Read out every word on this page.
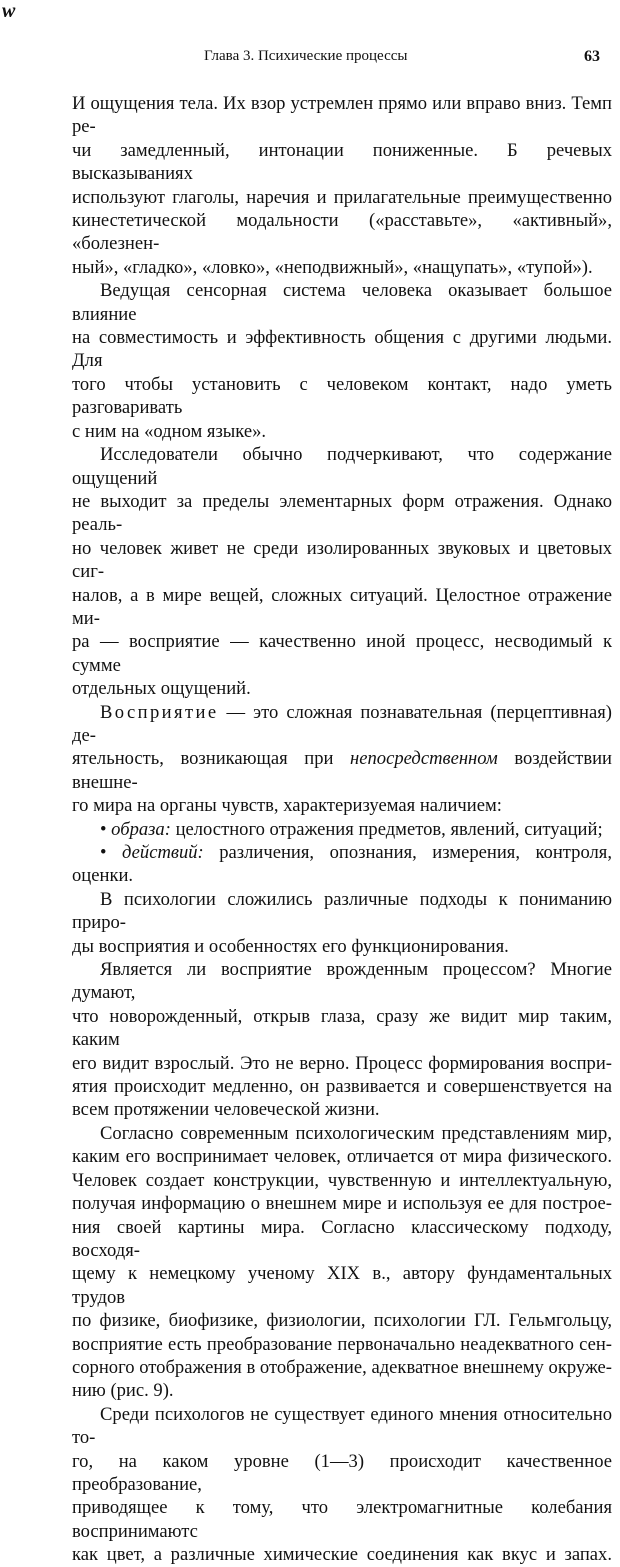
w
Глава 3. Психические процессы	63

И ощущения тела. Их взор устремлен прямо или вправо вниз. Темп ре-

чи замедленный, интонации пониженные. Б речевых высказываниях

используют глаголы, наречия и прилагательные преимущественно

кинестетической модальности («расставьте», «активный», «болезнен-

ный», «гладко», «ловко», «неподвижный», «нащупать», «тупой»).

Ведущая сенсорная система человека оказывает большое влияние

на совместимость и эффективность общения с другими людьми. Для

того чтобы установить с человеком контакт, надо уметь разговаривать

с ним на «одном языке».

Исследователи обычно подчеркивают, что содержание ощущений

не выходит за пределы элементарных форм отражения. Однако реаль-

но человек живет не среди изолированных звуковых и цветовых сиг-

налов, а в мире вещей, сложных ситуаций. Целостное отражение ми-

ра — восприятие — качественно иной процесс, несводимый к сумме

отдельных ощущений.

Восприятие — это сложная познавательная (перцептивная) де-

ятельность, возникающая при непосредственном воздействии внешне-

го мира на органы чувств, характеризуемая наличием:

• образа: целостного отражения предметов, явлений, ситуаций;

• действий: различения, опознания, измерения, контроля, оценки.

В психологии сложились различные подходы к пониманию приро-

ды восприятия и особенностях его функционирования.

Является ли восприятие врожденным процессом? Многие думают,

что новорожденный, открыв глаза, сразу же видит мир таким, каким

его видит взрослый. Это не верно. Процесс формирования воспри-

ятия происходит медленно, он развивается и совершенствуется на

всем протяжении человеческой жизни.

Согласно современным психологическим представлениям мир,

каким его воспринимает человек, отличается от мира физического.

Человек создает конструкции, чувственную и интеллектуальную,

получая информацию о внешнем мире и используя ее для построе-

ния своей картины мира. Согласно классическому подходу, восходя-

щему к немецкому ученому XIX в., автору фундаментальных трудов

по физике, биофизике, физиологии, психологии ГЛ. Гельмгольцу,

восприятие есть преобразование первоначально неадекватного сен-

сорного отображения в отображение, адекватное внешнему окруже-

нию (рис. 9).

Среди психологов не существует единого мнения относительно то-

го, на каком уровне (1—3) происходит качественное преобразование,

приводящее к тому, что электромагнитные колебания воспринимаютс

как цвет, а различные химические соединения как вкус и запах.
